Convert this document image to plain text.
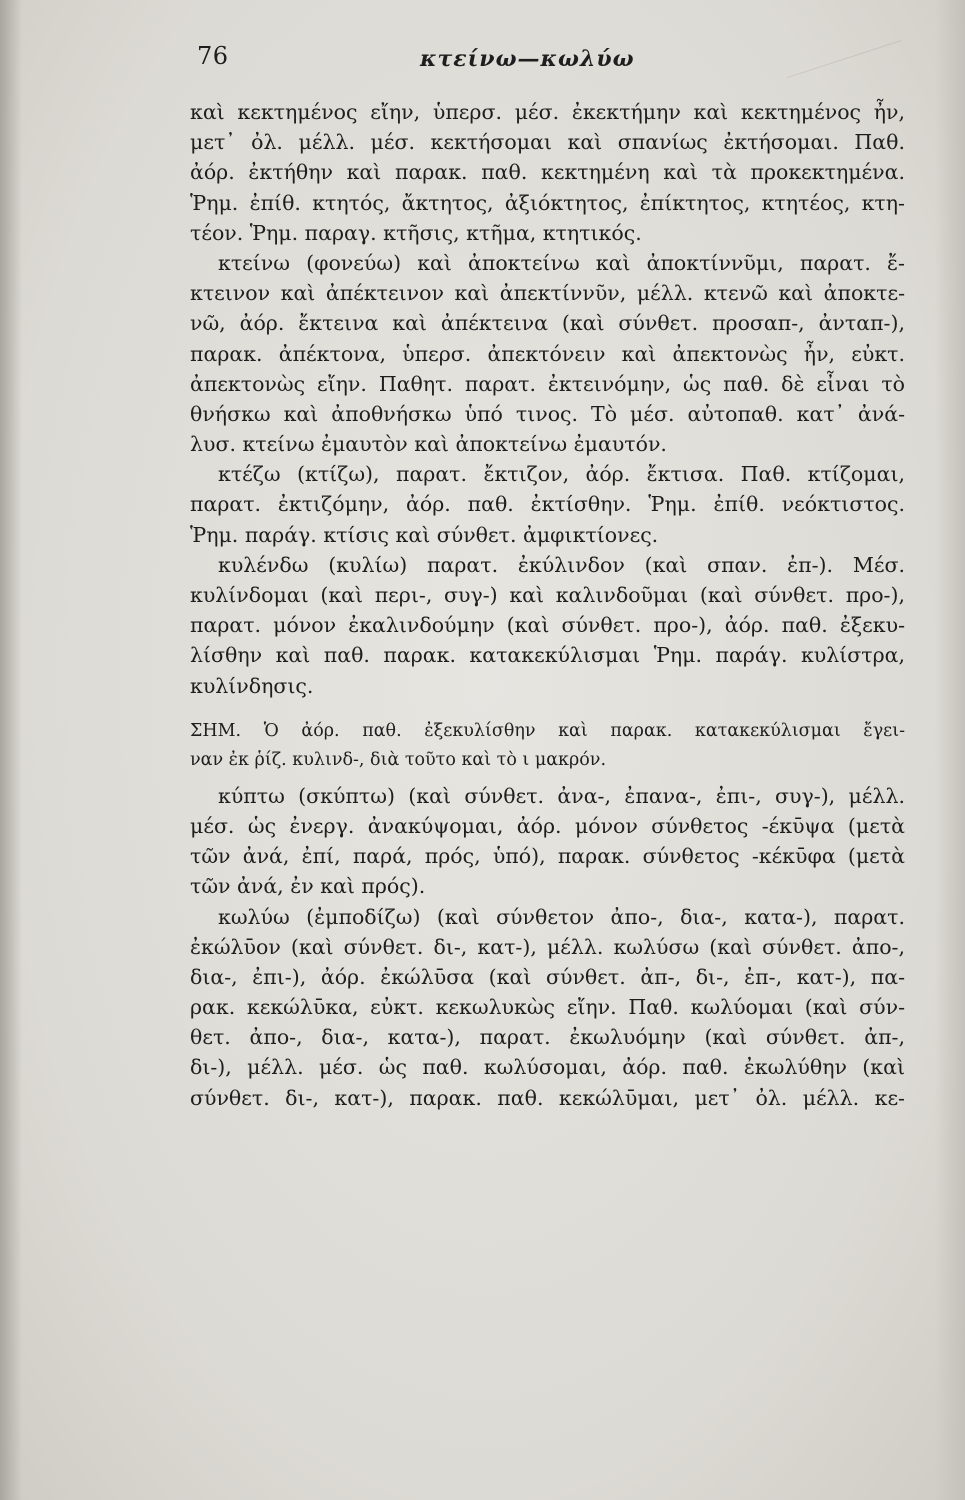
76	κτείνω—κωλύω
καὶ κεκτημένος εἴην, ὑπερσ. μέσ. ἐκεκτήμην καὶ κεκτημένος ἦν,
μετ᾽ ὀλ. μέλλ. μέσ. κεκτήσομαι καὶ σπανίως ἐκτήσομαι. Παθ.
ἀόρ. ἐκτήθην καὶ παρακ. παθ. κεκτημένη καὶ τὰ προκεκτημένα.
Ῥημ. ἐπίθ. κτητός, ἄκτητος, ἀξιόκτητος, ἐπίκτητος, κτητέος, κτη-
τέον. Ῥημ. παραγ. κτῆσις, κτῆμα, κτητικός.
κτείνω (φονεύω) καὶ ἀποκτείνω καὶ ἀποκτίννῦμι, παρατ. ἔ-
κτεινον καὶ ἀπέκτεινον καὶ ἀπεκτίννῦν, μέλλ. κτενῶ καὶ ἀποκτε-
νῶ, ἀόρ. ἔκτεινα καὶ ἀπέκτεινα (καὶ σύνθετ. προσαπ-, ἀνταπ-),
παρακ. ἀπέκτονα, ὑπερσ. ἀπεκτόνειν καὶ ἀπεκτονὼς ἦν, εὐκτ.
ἀπεκτονὼς εἴην. Παθητ. παρατ. ἐκτεινόμην, ὡς παθ. δὲ εἶναι τὸ
θνήσκω καὶ ἀποθνήσκω ὑπό τινος. Τὸ μέσ. αὐτοπαθ. κατ᾽ ἀνά-
λυσ. κτείνω ἐμαυτὸν καὶ ἀποκτείνω ἐμαυτόν.
κτέζω (κτίζω), παρατ. ἔκτιζον, ἀόρ. ἔκτισα. Παθ. κτίζομαι,
παρατ. ἐκτιζόμην, ἀόρ. παθ. ἐκτίσθην. Ῥημ. ἐπίθ. νεόκτιστος.
Ῥημ. παράγ. κτίσις καὶ σύνθετ. ἀμφικτίονες.
κυλένδω (κυλίω) παρατ. ἐκύλινδον (καὶ σπαν. ἐπ-). Μέσ.
κυλίνδομαι (καὶ περι-, συγ-) καὶ καλινδοῦμαι (καὶ σύνθετ. προ-),
παρατ. μόνον ἐκαλινδούμην (καὶ σύνθετ. προ-), ἀόρ. παθ. ἐξεκυ-
λίσθην καὶ παθ. παρακ. κατακεκύλισμαι Ῥημ. παράγ. κυλίστρα,
κυλίνδησις.
ΣΗΜ. Ὁ ἀόρ. παθ. ἐξεκυλίσθην καὶ παρακ. κατακεκύλισμαι ἔγει-
ναν ἐκ ῥίζ. κυλινδ-, διὰ τοῦτο καὶ τὸ ι μακρόν.
κύπτω (σκύπτω) (καὶ σύνθετ. ἀνα-, ἐπανα-, ἐπι-, συγ-), μέλλ.
μέσ. ὡς ἐνεργ. ἀνακύψομαι, ἀόρ. μόνον σύνθετος -έκῡψα (μετὰ
τῶν ἀνά, ἐπί, παρά, πρός, ὑπό), παρακ. σύνθετος -κέκῡφα (μετὰ
τῶν ἀνά, ἐν καὶ πρός).
κωλύω (ἐμποδίζω) (καὶ σύνθετον ἀπο-, δια-, κατα-), παρατ.
ἐκώλῡον (καὶ σύνθετ. δι-, κατ-), μέλλ. κωλύσω (καὶ σύνθετ. ἀπο-,
δια-, ἐπι-), ἀόρ. ἐκώλῡσα (καὶ σύνθετ. ἀπ-, δι-, ἐπ-, κατ-), πα-
ρακ. κεκώλῡκα, εὐκτ. κεκωλυκὼς εἴην. Παθ. κωλύομαι (καὶ σύν-
θετ. ἀπο-, δια-, κατα-), παρατ. ἐκωλυόμην (καὶ σύνθετ. ἀπ-,
δι-), μέλλ. μέσ. ὡς παθ. κωλύσομαι, ἀόρ. παθ. ἐκωλύθην (καὶ
σύνθετ. δι-, κατ-), παρακ. παθ. κεκώλῡμαι, μετ᾽ ὀλ. μέλλ. κε-
